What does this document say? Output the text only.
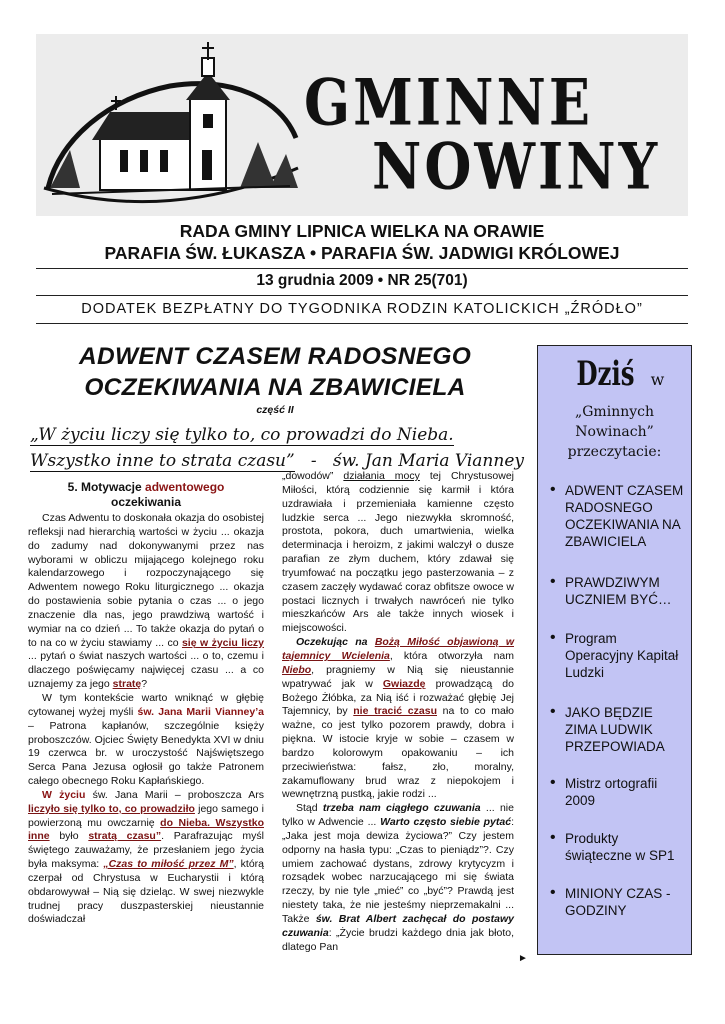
GMINNE
NOWINY
RADA GMINY LIPNICA WIELKA NA ORAWIE
PARAFIA ŚW. ŁUKASZA • PARAFIA ŚW. JADWIGI KRÓLOWEJ
13 grudnia 2009 • NR 25(701)
DODATEK BEZPŁATNY DO TYGODNIKA RODZIN KATOLICKICH „ŹRÓDŁO”
ADWENT CZASEM RADOSNEGO
OCZEKIWANIA NA ZBAWICIELA
część II
„W życiu liczy się tylko to, co prowadzi do Nieba.
Wszystko inne to strata czasu”   -   św. Jan Maria Vianney
5. Motywacje adwentowego
oczekiwania

Czas Adwentu to doskonała okazja do osobistej refleksji nad hierarchią wartości w życiu ... okazja do zadumy nad dokonywanymi przez nas wyborami w obliczu mijającego kolejnego roku kalendarzowego i rozpoczynającego się Adwentem nowego Roku liturgicznego ... okazja do postawienia sobie pytania o czas ... o jego znaczenie dla nas, jego prawdziwą wartość i wymiar na co dzień ... To także okazja do pytań o to na co w życiu stawiamy ... co się w życiu liczy ... pytań o świat naszych wartości ... o to, czemu i dlaczego poświęcamy najwięcej czasu ... a co uznajemy za jego stratę?

W tym kontekście warto wniknąć w głębię cytowanej wyżej myśli św. Jana Marii Vianney’a – Patrona kapłanów, szczególnie księży proboszczów. Ojciec Święty Benedykta XVI w dniu 19 czerwca br. w uroczystość Najświętszego Serca Pana Jezusa ogłosił go także Patronem całego obecnego Roku Kapłańskiego.

W życiu św. Jana Marii – proboszcza Ars liczyło się tylko to, co prowadziło jego samego i powierzoną mu owczarnię do Nieba. Wszystko inne było stratą czasu”. Parafrazując myśl świętego zauważamy, że przesłaniem jego życia była maksyma: „Czas to miłość przez M”, którą czerpał od Chrystusa w Eucharystii i którą obdarowywał – Nią się dzieląc. W swej niezwykle trudnej pracy duszpasterskiej nieustannie doświadczał

„dowodów” działania mocy tej Chrystusowej Miłości, którą codziennie się karmił i która uzdrawiała i przemieniała kamienne często ludzkie serca ... Jego niezwykła skromność, prostota, pokora, duch umartwienia, wielka determinacja i heroizm, z jakimi walczył o dusze parafian ze złym duchem, który zdawał się tryumfować na początku jego pasterzowania – z czasem zaczęły wydawać coraz obfitsze owoce w postaci licznych i trwałych nawróceń nie tylko mieszkańców Ars ale także innych wiosek i miejscowości.

Oczekując na Bożą Miłość objawioną w tajemnicy Wcielenia, która otworzyła nam Niebo, pragniemy w Nią się nieustannie wpatrywać jak w Gwiazdę prowadzącą do Bożego Żłóbka, za Nią iść i rozważać głębię Jej Tajemnicy, by nie tracić czasu na to co mało ważne, co jest tylko pozorem prawdy, dobra i piękna. W istocie kryje w sobie – czasem w bardzo kolorowym opakowaniu – ich przeciwieństwa: fałsz, zło, moralny, zakamuflowany brud wraz z niepokojem i wewnętrzną pustką, jakie rodzi ...

Stąd trzeba nam ciągłego czuwania ... nie tylko w Adwencie ... Warto często siebie pytać: „Jaka jest moja dewiza życiowa?” Czy jestem odporny na hasła typu: „Czas to pieniądz”?. Czy umiem zachować dystans, zdrowy krytycyzm i rozsądek wobec narzucającego mi się świata rzeczy, by nie tyle „mieć” co „być”? Prawdą jest niestety taka, że nie jesteśmy nieprzemakalni ... Także św. Brat Albert zachęcał do postawy czuwania: „Życie brudzi każdego dnia jak błoto, dlatego Pan

►
Dziś w
„Gminnych Nowinach”
przeczytacie:
• ADWENT CZASEM RADOSNEGO OCZEKIWANIA NA ZBAWICIELA
• PRAWDZIWYM UCZNIEM BYĆ…
• Program Operacyjny Kapitał Ludzki
• JAKO BĘDZIE ZIMA LUDWIK PRZEPOWIADA
• Mistrz ortografii 2009
• Produkty świąteczne w SP1
• MINIONY CZAS - GODZINY
